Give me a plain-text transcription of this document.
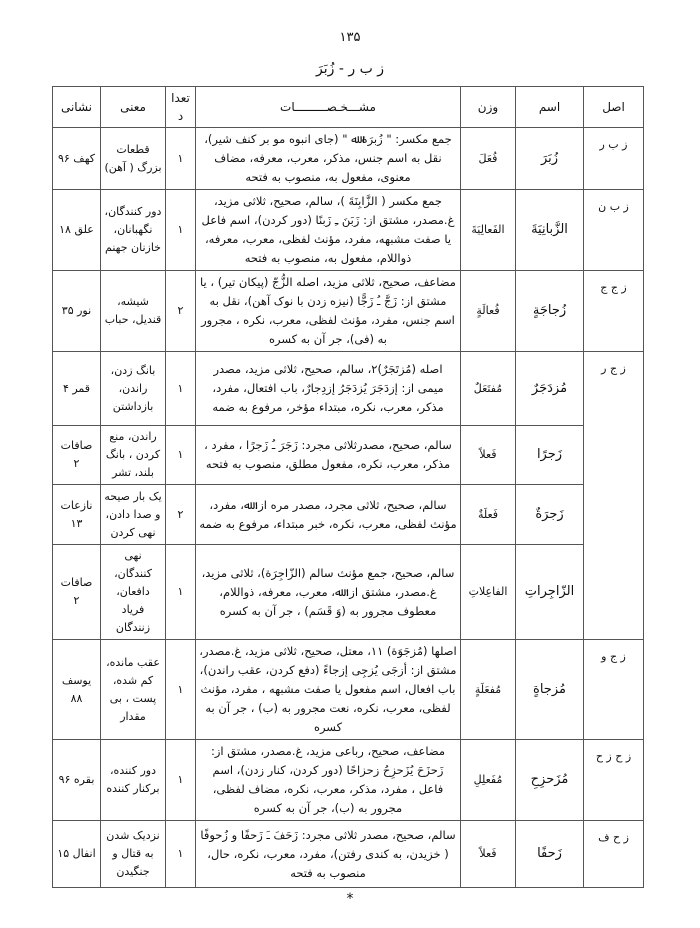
۱۳۵
ز ب ر - زُبَرَ
اصل	اسم	وزن	مشـــخـصـــــــــات	تعداد	معنی	نشانی
ز ب ر	زُبَرَ	فُعَلَ	جمع مکسر: " زُبرَة ﷲ " (جای انبوه مو بر کنف شیر)، نقل به اسم جنس، مذکر، معرب، معرفه، مضاف معنوی، مفعول به، منصوب به فتحه	۱	قطعات بزرگ ( آهن)	کهف ۹۶
ز ب ن	الزَّبانِيَةَ	الفَعالِيَةَ	جمع مکسر ( الزَّابِنَةَ )، سالم، صحیح، ثلاثی مزید، غ.مصدر، مشتق از: زَبَنَ ـِ زَبنًا (دور کردن)، اسم فاعل یا صفت مشبهه، مفرد، مؤنث لفظی، معرب، معرفه، ذواللام، مفعول به، منصوب به فتحه	۱	دور کنندگان، نگهبانان، خازنان جهنم	علق ۱۸
ز ج ج	زُجاجَةٍ	فُعالَةٍ	مضاعف، صحیح، ثلاثی مزید، اصله الزُّجّ (پیکان تیر) ، یا مشتق از: زَجَّ ـُ زَجًّا (نیزه زدن با نوک آهن)، نقل به اسم جنس، مفرد، مؤنث لفظی، معرب، نکره ، مجرور به (فی)، جر آن به کسره	۲	شیشه، قندیل، حباب	نور ۳۵
ز ج ر	مُزدَجَرٌ	مُفتَعَلٌ	اصله (مُزتَجَرٌ)۲، سالم، صحیح، ثلاثی مزید، مصدر میمی از: إزدَجَرَ یُزدَجَرُ إزدِجارٌ، باب افتعال، مفرد، مذکر، معرب، نکره، مبتداء مؤخر، مرفوع به ضمه	۱	بانگ زدن، راندن، بازداشتن	قمر ۴
	زَجرًا	فَعلاً	سالم، صحیح، مصدرثلاثی مجرد: زَجَرَ ـُ زَجرًا ، مفرد ، مذکر، معرب، نکره، مفعول مطلق، منصوب به فتحه	۱	راندن، منع کردن ، بانگ بلند، تشر	صافات ۲
	زَجرَةٌ	فَعلَةٌ	سالم، صحیح، ثلاثی مجرد، مصدر مره از: ﷲ، مفرد، مؤنث لفظی، معرب، نکره، خبر مبتداء، مرفوع به ضمه	۲	یک بار صیحه و صدا دادن، نهی کردن	نازعات ۱۳
	الزّاجِراتِ	الفاعِلاتِ	سالم، صحیح، جمع مؤنث سالم (الزّاجِرَة)، ثلاثی مزید، غ.مصدر، مشتق از: ﷲ، معرب، معرفه، ذواللام، معطوف مجرور به (وَ قَسَم) ، جر آن به کسره	۱	نهی کنندگان، دافعان، فریاد زنندگان	صافات ۲
ز ج و	مُزجاةٍ	مُفعَلَةٍ	اصلها (مُزجَوَة) ۱۱، معتل، صحیح، ثلاثی مزید، غ.مصدر، مشتق از: أزجَی یُزجِی إزجاءً (دفع کردن، عقب راندن)، باب افعال، اسم مفعول یا صفت مشبهه ، مفرد، مؤنث لفظی، معرب، نکره، نعت مجرور به (ب) ، جر آن به کسره	۱	عقب مانده، کم شده، پست ، بی مقدار	یوسف ۸۸
ز ح ز ح	مُزَحزِحِ	مُفَعلِلِ	مضاعف، صحیح، رباعی مزید، غ.مصدر، مشتق از: زَحزَحَ یُزَحزِحُ زحزاحًا (دور کردن، کنار زدن)، اسم فاعل ، مفرد، مذکر، معرب، نکره، مضاف لفظی، مجرور به (ب)، جر آن به کسره	۱	دور کننده، برکنار کننده	بقره ۹۶
ز ح ف	زَحفًا	فَعلاً	سالم، صحیح، مصدر ثلاثی مجرد: زَحَفَ ـَ زَحفًا و زُحوفًا ( خزیدن، به کندی رفتن)، مفرد، معرب، نکره، حال، منصوب به فتحه	۱	نزدیک شدن به قتال و جنگیدن	انفال ۱۵
*
